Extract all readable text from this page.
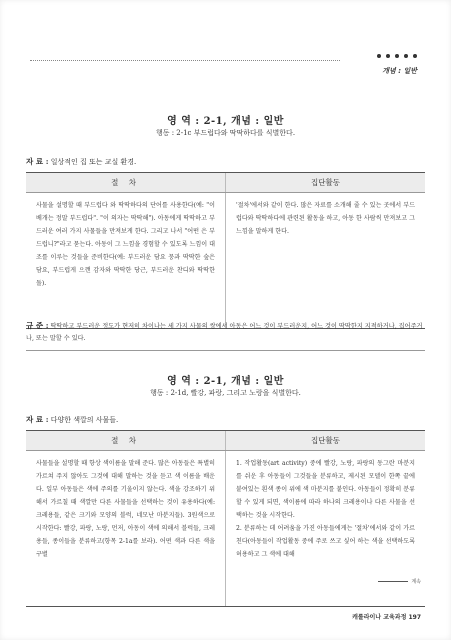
개념 : 일반
영 역 : 2-1, 개념 : 일반
행동 : 2-1c 부드럽다와 딱딱하다를 식별한다.
자 료 : 일상적인 집 또는 교실 환경.
절 차	집단활동

사물을 설명할 때 부드럽다 와 딱딱하다의 단어를 사용한다(예: "이 베개는 정말 부드럽다". "이 의자는 딱딱해"). 아동에게 딱딱하고 부드러운 여러 가지 사물들을 만져보게 한다. 그리고 나서 "어떤 은 부드럽니?"라고 묻는다. 아동이 그 느낌을 경험할 수 있도록 느낌이 대조를 이루는 것들을 준비한다(예: 부드러운 담요 뭉과 딱딱한 숲은 담요, 부드럽게 으깬 감자와 딱딱한 당근, 부드러운 찬디와 딱딱한 돌).

'절차'에서와 같이 한다. 많은 자료를 소개해 줄 수 있는 곳에서 부드럽다와 딱딱하다에 관련된 활동을 하고, 아동 한 사람씩 만져보고 그 느낌을 말하게 한다.

규 준 : 딱딱하고 부드러운 정도가 현저히 차이나는 세 가지 사물의 쌍에서 아동은 어느 것이 부드러운지, 어느 것이 딱딱한지 지적하거나, 집어주거나, 또는 말할 수 있다.
영 역 : 2-1, 개념 : 일반
행동 : 2-1d, 빨강, 파랑, 그리고 노랑을 식별한다.
자 료 : 다양한 색깔의 사물들.
절 차	집단활동

사물들을 설명할 때 항상 색이름을 말해 준다. 많은 아동들은 특별히 가르쳐 주지 않아도 그것에 대해 말하는 것을 듣고 색 이름을 배운다. 일부 아동들은 색에 주의를 기울이지 않는다. 색을 강조하기 위해서 가르칠 때 색깔만 다른 사물들을 선택하는 것이 유용하다(예: 크레용들, 같은 크기와 모양의 블럭, 네모난 마분지들). 3원색으로 시작한다: 빨강, 파랑, 노랑, 먼저, 아동이 색에 의해서 블럭들, 크레용들, 종이들을 분류하고(항목 2-1a를 보라). 어떤 색과 다른 색을 구별

1. 작업활동(art activity) 중에 빨강, 노랑, 파랑의 동그란 마분지를 쉬운 후 아동들이 그것들을 분류하고, 제시된 모델이 한쪽 끝에 붙여있는 흰색 종이 위에 색 마분지를 붙인다. 아동들이 정확히 분류할 수 있게 되면, 색이름에 따라 하나의 크레용이나 다른 사물을 선택하는 것을 시작한다.

2. 분류하는 데 어려움을 가진 아동들에게는 '절차'에서와 같이 가르친다(아동들이 작업활동 중에 주로 쓰고 싶어 하는 색을 선택하도록 허용하고 그 색에 대해

계속
캐롤라이나 교육과정 197
